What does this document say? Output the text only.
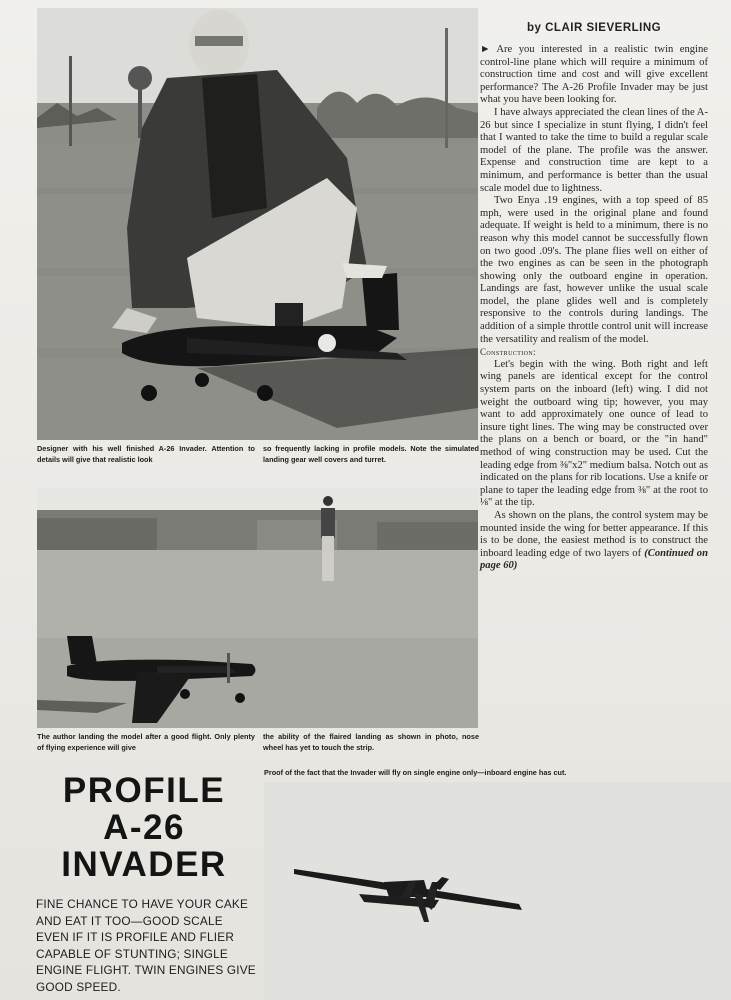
Designer with his well finished A-26 Invader. Attention to details will give that realistic look
so frequently lacking in profile models. Note the simulated landing gear well covers and turret.
The author landing the model after a good flight. Only plenty of flying experience will give
the ability of the flaired landing as shown in photo, nose wheel has yet to touch the strip.
Proof of the fact that the Invader will fly on single engine only—inboard engine has cut.
by CLAIR SIEVERLING

► Are you interested in a realistic twin engine control-line plane which will require a minimum of construction time and cost and will give excellent performance? The A-26 Profile Invader may be just what you have been looking for.

I have always appreciated the clean lines of the A-26 but since I specialize in stunt flying, I didn't feel that I wanted to take the time to build a regular scale model of the plane. The profile was the answer. Expense and construction time are kept to a minimum, and performance is better than the usual scale model due to lightness.

Two Enya .19 engines, with a top speed of 85 mph, were used in the original plane and found adequate. If weight is held to a minimum, there is no reason why this model cannot be successfully flown on two good .09's. The plane flies well on either of the two engines as can be seen in the photograph showing only the outboard engine in operation. Landings are fast, however unlike the usual scale model, the plane glides well and is completely responsive to the controls during landings. The addition of a simple throttle control unit will increase the versatility and realism of the model.

Construction:

Let's begin with the wing. Both right and left wing panels are identical except for the control system parts on the inboard (left) wing. I did not weight the outboard wing tip; however, you may want to add approximately one ounce of lead to insure tight lines. The wing may be constructed over the plans on a bench or board, or the "in hand" method of wing construction may be used. Cut the leading edge from ⅜"x2" medium balsa. Notch out as indicated on the plans for rib locations. Use a knife or plane to taper the leading edge from ⅜" at the root to ⅛" at the tip.

As shown on the plans, the control system may be mounted inside the wing for better appearance. If this is to be done, the easiest method is to construct the inboard leading edge of two layers of (Continued on page 60)

PROFILE
A-26
INVADER
FINE CHANCE TO HAVE YOUR CAKE AND EAT IT TOO—GOOD SCALE EVEN IF IT IS PROFILE AND FLIER CAPABLE OF STUNTING; SINGLE ENGINE FLIGHT. TWIN ENGINES GIVE GOOD SPEED.
